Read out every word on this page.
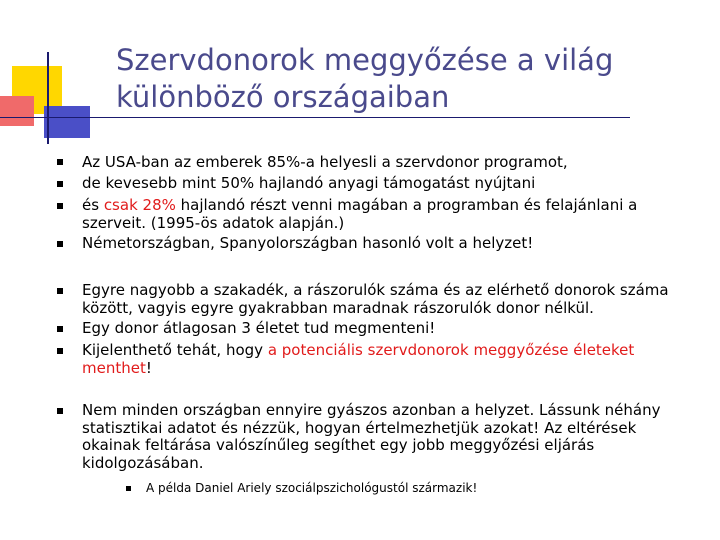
Szervdonorok meggyőzése a világ
különböző országaiban
Az USA-ban az emberek 85%-a helyesli a szervdonor programot,
de kevesebb mint 50% hajlandó anyagi támogatást nyújtani
és csak 28% hajlandó részt venni magában a programban és felajánlani a
szerveit. (1995-ös adatok alapján.)
Németországban, Spanyolországban hasonló volt a helyzet!
Egyre nagyobb a szakadék, a rászorulók száma és az elérhető donorok száma
között, vagyis egyre gyakrabban maradnak rászorulók donor nélkül.
Egy donor átlagosan 3 életet tud megmenteni!
Kijelenthető tehát, hogy a potenciális szervdonorok meggyőzése életeket
menthet!
Nem minden országban ennyire gyászos azonban a helyzet. Lássunk néhány
statisztikai adatot és nézzük, hogyan értelmezhetjük azokat! Az eltérések
okainak feltárása valószínűleg segíthet egy jobb meggyőzési eljárás
kidolgozásában.
A példa Daniel Ariely szociálpszichológustól származik!
